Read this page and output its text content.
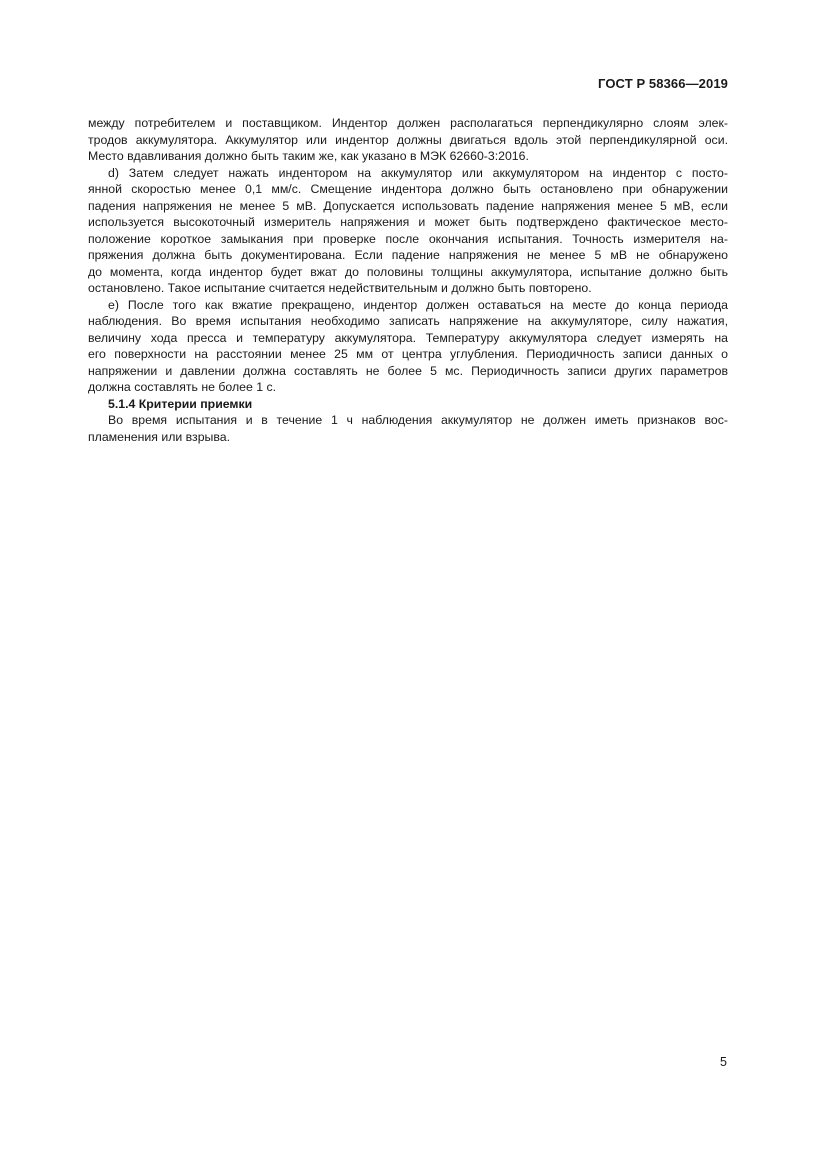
ГОСТ Р 58366—2019
между потребителем и поставщиком. Индентор должен располагаться перпендикулярно слоям элек-
тродов аккумулятора. Аккумулятор или индентор должны двигаться вдоль этой перпендикулярной оси.
Место вдавливания должно быть таким же, как указано в МЭК 62660-3:2016.
d) Затем следует нажать индентором на аккумулятор или аккумулятором на индентор с посто-
янной скоростью менее 0,1 мм/с. Смещение индентора должно быть остановлено при обнаружении
падения напряжения не менее 5 мВ. Допускается использовать падение напряжения менее 5 мВ, если
используется высокоточный измеритель напряжения и может быть подтверждено фактическое место-
положение короткое замыкания при проверке после окончания испытания. Точность измерителя на-
пряжения должна быть документирована. Если падение напряжения не менее 5 мВ не обнаружено
до момента, когда индентор будет вжат до половины толщины аккумулятора, испытание должно быть
остановлено. Такое испытание считается недействительным и должно быть повторено.
е) После того как вжатие прекращено, индентор должен оставаться на месте до конца периода
наблюдения. Во время испытания необходимо записать напряжение на аккумуляторе, силу нажатия,
величину хода пресса и температуру аккумулятора. Температуру аккумулятора следует измерять на
его поверхности на расстоянии менее 25 мм от центра углубления. Периодичность записи данных о
напряжении и давлении должна составлять не более 5 мс. Периодичность записи других параметров
должна составлять не более 1 с.
5.1.4 Критерии приемки
Во время испытания и в течение 1 ч наблюдения аккумулятор не должен иметь признаков вос-
пламенения или взрыва.
5
